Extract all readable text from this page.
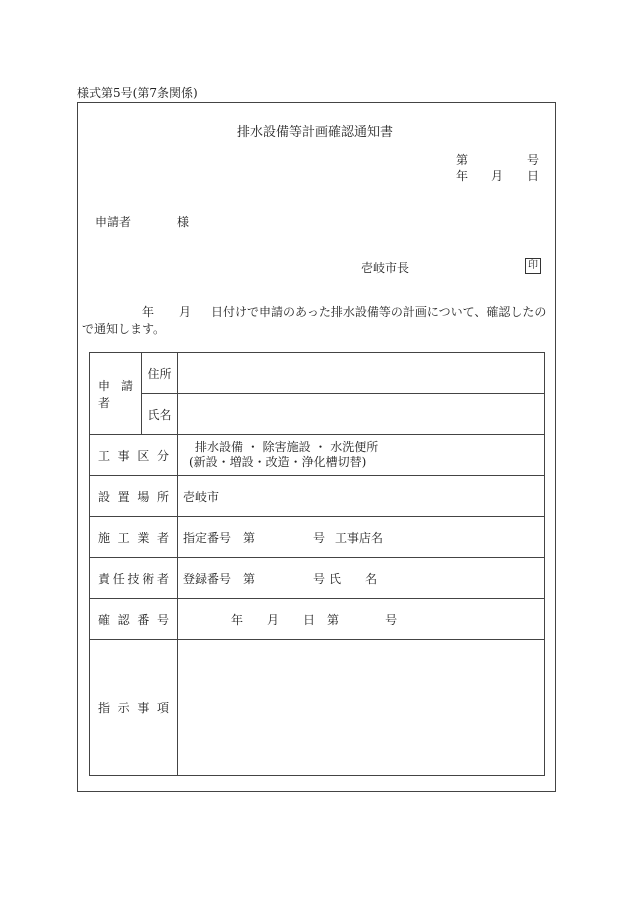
様式第5号(第7条関係)
排水設備等計画確認通知書
第	号
年 月 日
申請者	様
壱岐市長	印
年 月 日付けで申請のあった排水設備等の計画について、確認したので通知します。
申請者	住所	
	氏名	
工事区分		排水設備 ・ 除害施設 ・ 水洗便所
(新設・増設・改造・浄化槽切替)

設置場所		壱岐市
施工業者		指定番号 第 号 工事店名
責任技術者		登録番号 第 号 氏 名
確認番号		年 月 日 第 号
指示事項		
